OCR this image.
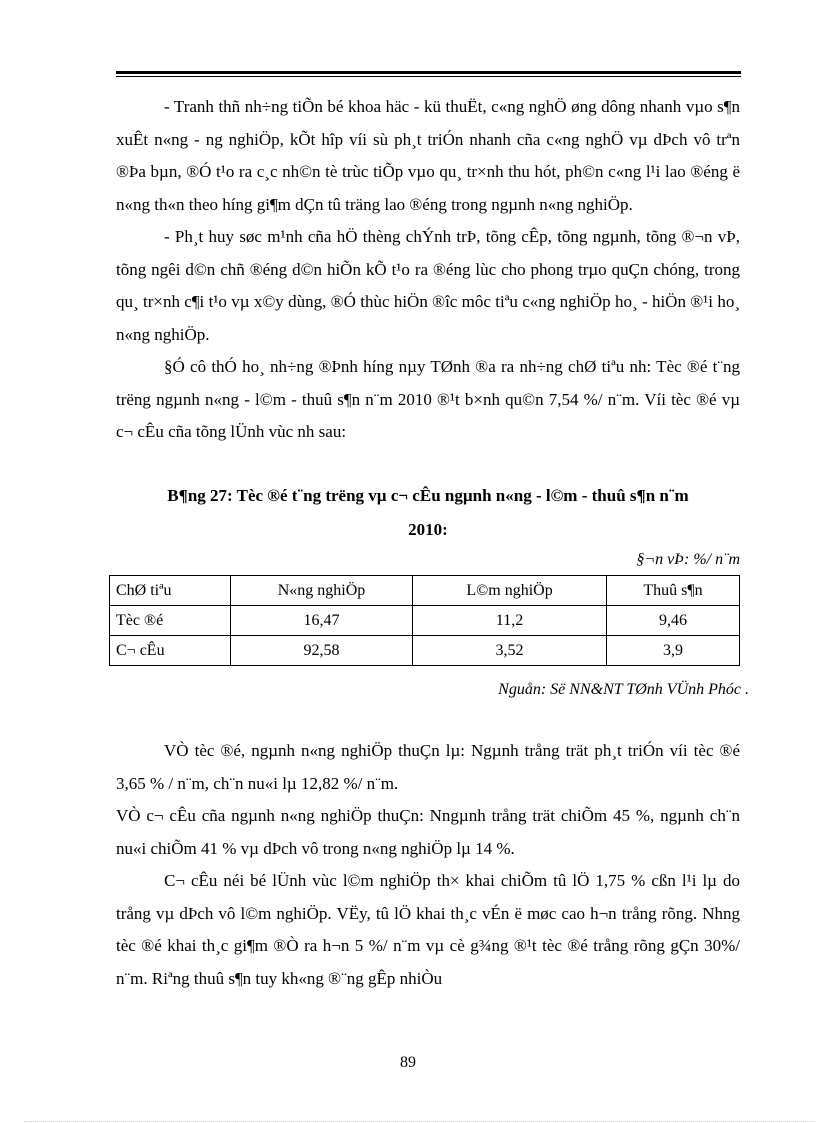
- Tranh thñ nh÷ng tiÕn bé khoa häc - kü thuËt, c«ng nghÖ øng dông nhanh vµo s¶n xuÊt n«ng - ng nghiÖp, kÕt hîp víi sù ph¸t triÓn nhanh cña c«ng nghÖ vµ dÞch vô trªn ®Þa bµn, ®Ó t¹o ra c¸c nh©n tè trùc tiÕp vµo qu¸ tr×nh thu hót, ph©n c«ng l¹i lao ®éng ë n«ng th«n theo híng gi¶m dÇn tû träng lao ®éng trong ngµnh n«ng nghiÖp.

- Ph¸t huy søc m¹nh cña hÖ thèng chÝnh trÞ, tõng cÊp, tõng ngµnh, tõng ®¬n vÞ, tõng ngêi d©n chñ ®éng d©n hiÕn kÕ t¹o ra ®éng lùc cho phong trµo quÇn chóng, trong qu¸ tr×nh c¶i t¹o vµ x©y dùng, ®Ó thùc hiÖn ®îc môc tiªu c«ng nghiÖp ho¸ - hiÖn ®¹i ho¸ n«ng nghiÖp.

§Ó cô thÓ ho¸ nh÷ng ®Þnh híng nµy TØnh ®a ra nh÷ng chØ tiªu nh: Tèc ®é t¨ng trëng ngµnh n«ng - l©m - thuû s¶n n¨m 2010 ®¹t b×nh qu©n 7,54 %/ n¨m. Víi tèc ®é vµ c¬ cÊu cña tõng lÜnh vùc nh sau:

B¶ng 27: Tèc ®é t¨ng trëng vµ c¬ cÊu ngµnh n«ng - l©m - thuû s¶n n¨m
2010:
§¬n vÞ: %/ n¨m
ChØ tiªu	N«ng nghiÖp	L©m nghiÖp	Thuû s¶n
Tèc ®é	16,47	11,2	9,46
C¬ cÊu	92,58	3,52	3,9
Nguån: Së NN&NT TØnh VÜnh Phóc .

VÒ tèc ®é, ngµnh n«ng nghiÖp thuÇn lµ: Ngµnh trång trät ph¸t triÓn víi tèc ®é 3,65 % / n¨m, ch¨n nu«i lµ 12,82 %/ n¨m.

VÒ c¬ cÊu cña ngµnh n«ng nghiÖp thuÇn: Nngµnh trång trät chiÕm 45 %, ngµnh ch¨n nu«i chiÕm 41 % vµ dÞch vô trong n«ng nghiÖp lµ 14 %.

C¬ cÊu néi bé lÜnh vùc l©m nghiÖp th× khai chiÕm tû lÖ 1,75 % cßn l¹i lµ do trång vµ dÞch vô l©m nghiÖp. VËy, tû lÖ khai th¸c vÉn ë møc cao h¬n trång rõng. Nhng tèc ®é khai th¸c gi¶m ®Ò ra h¬n 5 %/ n¨m vµ cè g¾ng ®¹t tèc ®é trång rõng gÇn 30%/ n¨m. Riªng thuû s¶n tuy kh«ng ®¨ng gÊp nhiÒu

89
